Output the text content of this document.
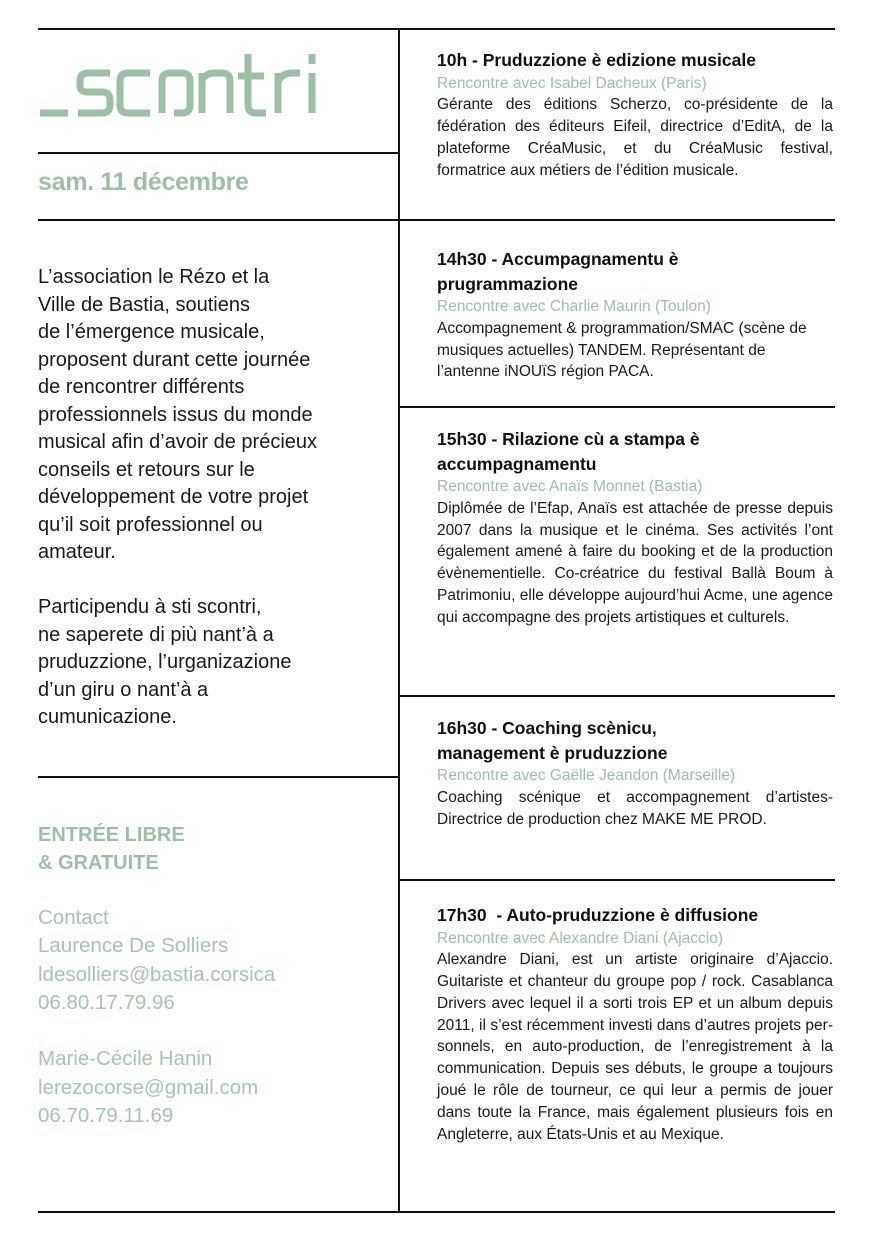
sam. 11 décembre

L’association le Rézo et la
Ville de Bastia, soutiens
de l’émergence musicale,
proposent durant cette journée
de rencontrer différents
professionnels issus du monde
musical afin d’avoir de précieux
conseils et retours sur le
développement de votre projet
qu’il soit professionnel ou
amateur.

Participendu à sti scontri,
ne saperete di più nant’à a
pruduzzione, l’urganizazione
d’un giru o nant’à a
cumunicazione.

ENTRÉE LIBRE
& GRATUITE
Contact
Laurence De Solliers
ldesolliers@bastia.corsica
06.80.17.79.96
Marie-Cécile Hanin
lerezocorse@gmail.com
06.70.79.11.69
10h - Pruduzzione è edizione musicale
Rencontre avec Isabel Dacheux (Paris)
Gérante des éditions Scherzo, co-présidente de la fédération des éditeurs Eifeil, directrice d’EditA, de la plateforme CréaMusic, et du CréaMusic festival, formatrice aux métiers de l’édition musicale.
14h30 - Accumpagnamentu è prugrammazione
Rencontre avec Charlie Maurin (Toulon)
Accompagnement & programmation/SMAC (scène de musiques actuelles) TANDEM. Représentant de l’antenne iNOUïS région PACA.
15h30 - Rilazione cù a stampa è accumpagnamentu
Rencontre avec Anaïs Monnet (Bastia)
Diplômée de l’Efap, Anaïs est attachée de presse depuis 2007 dans la musique et le cinéma. Ses activités l’ont également amené à faire du booking et de la production évènementielle. Co-créatrice du festival Ballà Boum à Patrimoniu, elle développe aujourd’hui Acme, une agence qui accompagne des projets artistiques et culturels.
16h30 - Coaching scènicu, management è pruduzzione
Rencontre avec Gaëlle Jeandon (Marseille)
Coaching scénique et accompagnement d’artistes- Directrice de production chez MAKE ME PROD.
17h30  - Auto-pruduzzione è diffusione
Rencontre avec Alexandre Diani (Ajaccio)
Alexandre Diani, est un artiste originaire d’Ajaccio. Guitariste et chanteur du groupe pop / rock. Casablanca Drivers avec lequel il a sorti trois EP et un album depuis 2011, il s’est récemment investi dans d’autres projets personnels, en auto-production, de l’enregistrement à la communication. Depuis ses débuts, le groupe a toujours joué le rôle de tourneur, ce qui leur a permis de jouer dans toute la France, mais également plusieurs fois en Angleterre, aux États-Unis et au Mexique.
